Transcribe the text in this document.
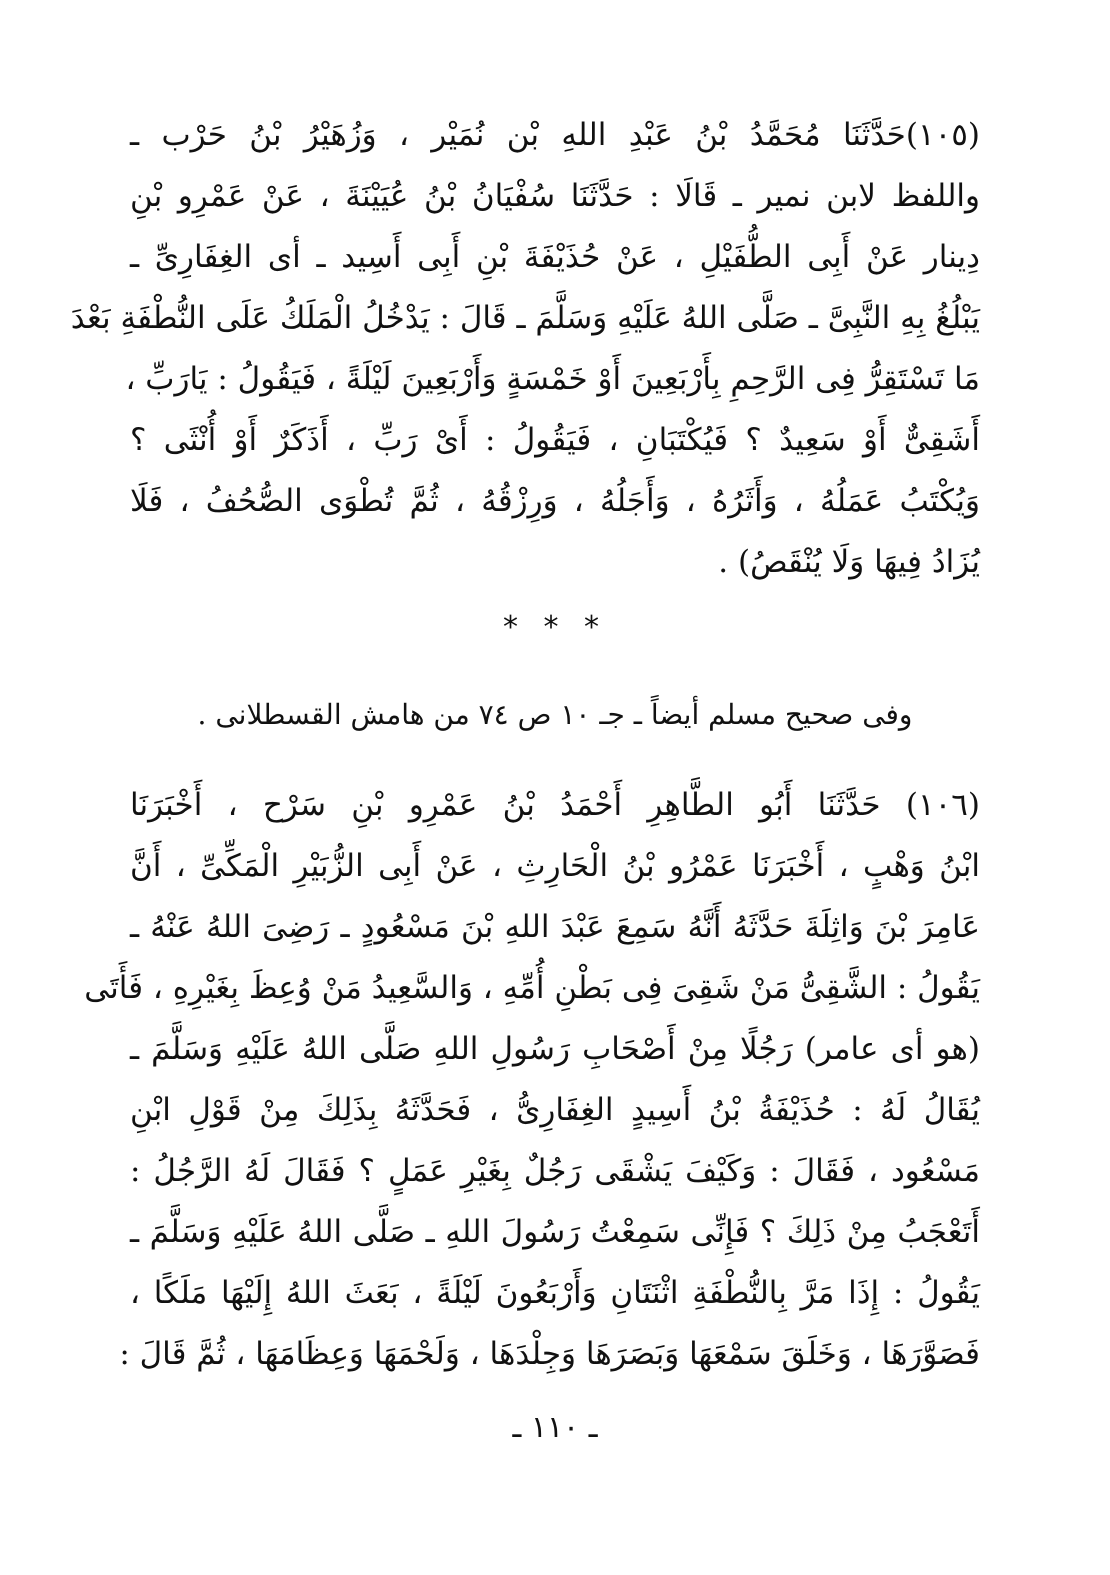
(١٠٥)حَدَّثَنَا مُحَمَّدُ بْنُ عَبْدِ اللهِ بْن نُمَيْر ، وَزُهَيْرُ بْنُ حَرْب ـ
واللفظ لابن نمير ـ قَالَا : حَدَّثَنَا سُفْيَانُ بْنُ عُيَيْنَةَ ، عَنْ عَمْرِو بْنِ
دِينار عَنْ أَبِى الطُّفَيْلِ ، عَنْ حُذَيْفَةَ بْنِ أَبِى أَسِيد ـ أى الغِفَارِىِّ ـ
يَبْلُغُ بِهِ النَّبِىَّ ـ صَلَّى اللهُ عَلَيْهِ وَسَلَّمَ ـ قَالَ : يَدْخُلُ الْمَلَكُ عَلَى النُّطْفَةِ بَعْدَ
مَا تَسْتَقِرُّ فِى الرَّحِمِ بِأَرْبَعِينَ أَوْ خَمْسَةٍ وَأَرْبَعِينَ لَيْلَةً ، فَيَقُولُ : يَارَبِّ ،
أَشَقِىٌّ أَوْ سَعِيدٌ ؟ فَيُكْتَبَانِ ، فَيَقُولُ : أَىْ رَبِّ ، أَذَكَرٌ أَوْ أُنْثَى ؟
وَيُكْتَبُ عَمَلُهُ ، وَأَثَرُهُ ، وَأَجَلُهُ ، وَرِزْقُهُ ، ثُمَّ تُطْوَى الصُّحُفُ ، فَلَا
يُزَادُ فِيهَا وَلَا يُنْقَصُ) .
* * *
وفى صحيح مسلم أيضاً ـ جـ ١٠ ص ٧٤ من هامش القسطلانى .
(١٠٦) حَدَّثَنَا أَبُو الطَّاهِرِ أَحْمَدُ بْنُ عَمْرِو بْنِ سَرْح ، أَخْبَرَنَا
ابْنُ وَهْبٍ ، أَخْبَرَنَا عَمْرُو بْنُ الْحَارِثِ ، عَنْ أَبِى الزُّبَيْرِ الْمَكِّىِّ ، أَنَّ
عَامِرَ بْنَ وَاثِلَةَ حَدَّثَهُ أَنَّهُ سَمِعَ عَبْدَ اللهِ بْنَ مَسْعُودٍ ـ رَضِىَ اللهُ عَنْهُ ـ
يَقُولُ : الشَّقِىُّ مَنْ شَقِىَ فِى بَطْنِ أُمِّهِ ، وَالسَّعِيدُ مَنْ وُعِظَ بِغَيْرِهِ ، فَأَتَى
(هو أى عامر) رَجُلًا مِنْ أَصْحَابِ رَسُولِ اللهِ صَلَّى اللهُ عَلَيْهِ وَسَلَّمَ ـ
يُقَالُ لَهُ : حُذَيْفَةُ بْنُ أَسِيدٍ الغِفَارِىُّ ، فَحَدَّثَهُ بِذَلِكَ مِنْ قَوْلِ ابْنِ
مَسْعُود ، فَقَالَ : وَكَيْفَ يَشْقَى رَجُلٌ بِغَيْرِ عَمَلٍ ؟ فَقَالَ لَهُ الرَّجُلُ :
أَتَعْجَبُ مِنْ ذَلِكَ ؟ فَإِنِّى سَمِعْتُ رَسُولَ اللهِ ـ صَلَّى اللهُ عَلَيْهِ وَسَلَّمَ ـ
يَقُولُ : إِذَا مَرَّ بِالنُّطْفَةِ اثْنَتَانِ وَأَرْبَعُونَ لَيْلَةً ، بَعَثَ اللهُ إِلَيْهَا مَلَكًا ،
فَصَوَّرَهَا ، وَخَلَقَ سَمْعَهَا وَبَصَرَهَا وَجِلْدَهَا ، وَلَحْمَهَا وَعِظَامَهَا ، ثُمَّ قَالَ :
ـ ١١٠ ـ
